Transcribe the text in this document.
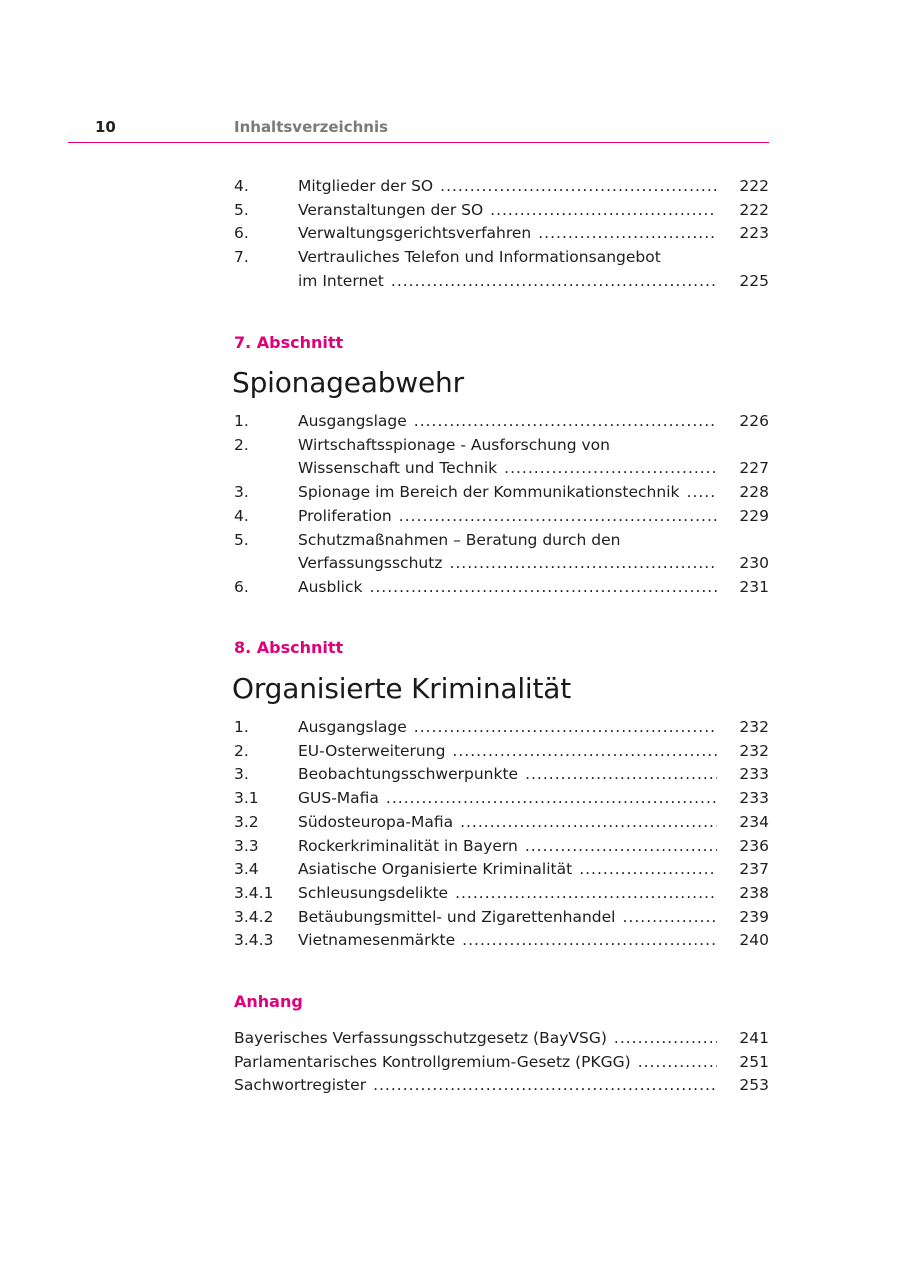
10	Inhaltsverzeichnis
4.	Mitglieder der SO .....	222
5.	Veranstaltungen der SO .....	222
6.	Verwaltungsgerichtsverfahren .....	223
7.	Vertrauliches Telefon und Informationsangebot
im Internet .....	225
7. Abschnitt
Spionageabwehr
1.	Ausgangslage .....	226
2.	Wirtschaftsspionage - Ausforschung von
Wissenschaft und Technik .....	227
3.	Spionage im Bereich der Kommunikationstechnik .....	228
4.	Proliferation .....	229
5.	Schutzmaßnahmen – Beratung durch den
Verfassungsschutz .....	230
6.	Ausblick .....	231
8. Abschnitt
Organisierte Kriminalität
1.	Ausgangslage .....	232
2.	EU-Osterweiterung .....	232
3.	Beobachtungsschwerpunkte .....	233
3.1	GUS-Mafia .....	233
3.2	Südosteuropa-Mafia .....	234
3.3	Rockerkriminalität in Bayern .....	236
3.4	Asiatische Organisierte Kriminalität .....	237
3.4.1 Schleusungsdelikte .....	238
3.4.2 Betäubungsmittel- und Zigarettenhandel .....	239
3.4.3 Vietnamesenmärkte .....	240
Anhang
Bayerisches Verfassungsschutzgesetz (BayVSG) .....	241
Parlamentarisches Kontrollgremium-Gesetz (PKGG) .....	251
Sachwortregister .....	253
